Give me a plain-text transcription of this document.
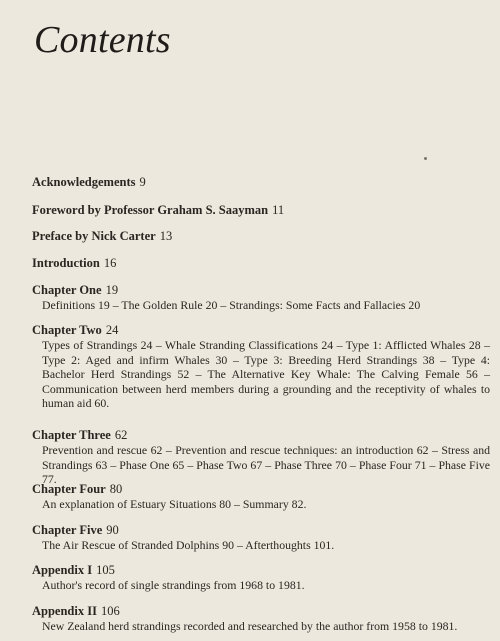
Contents
Acknowledgements 9
Foreword by Professor Graham S. Saayman 11
Preface by Nick Carter 13
Introduction 16
Chapter One 19
Definitions 19 – The Golden Rule 20 – Strandings: Some Facts and Fallacies 20
Chapter Two 24
Types of Strandings 24 – Whale Stranding Classifications 24 – Type 1: Afflicted Whales 28 – Type 2: Aged and infirm Whales 30 – Type 3: Breeding Herd Strandings 38 – Type 4: Bachelor Herd Strandings 52 – The Alternative Key Whale: The Calving Female 56 – Communication between herd members during a grounding and the receptivity of whales to human aid 60.
Chapter Three 62
Prevention and rescue 62 – Prevention and rescue techniques: an introduction 62 – Stress and Strandings 63 – Phase One 65 – Phase Two 67 – Phase Three 70 – Phase Four 71 – Phase Five 77.
Chapter Four 80
An explanation of Estuary Situations 80 – Summary 82.
Chapter Five 90
The Air Rescue of Stranded Dolphins 90 – Afterthoughts 101.
Appendix I 105
Author's record of single strandings from 1968 to 1981.
Appendix II 106
New Zealand herd strandings recorded and researched by the author from 1958 to 1981.
